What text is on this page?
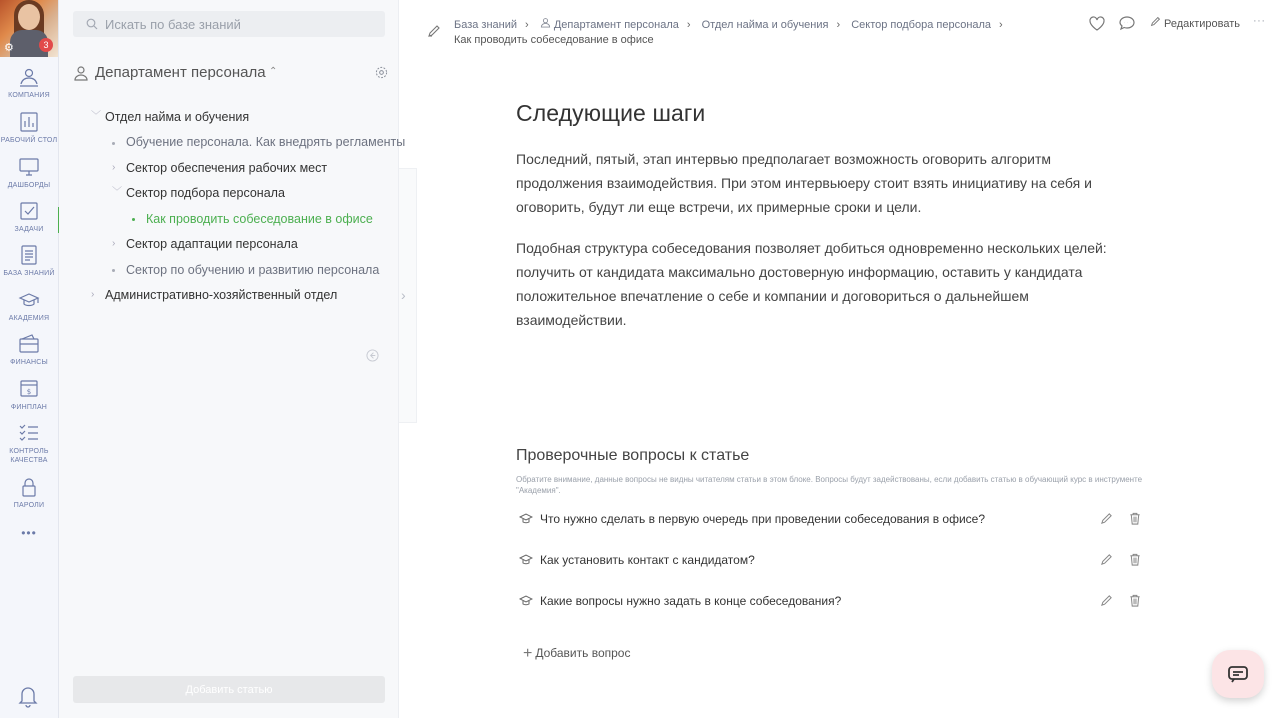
⚙	3
КОМПАНИЯ
РАБОЧИЙ СТОЛ
ДАШБОРДЫ
ЗАДАЧИ
БАЗА ЗНАНИЙ
АКАДЕМИЯ
ФИНАНСЫ
$
ФИНПЛАН
КОНТРОЛЬ
КАЧЕСТВА
ПАРОЛИ
•••
Искать по базе знаний
Департамент персонала ⌃

﹀ Отдел найма и обучения
Обучение персонала. Как внедрять регламенты
› Сектор обеспечения рабочих мест
﹀ Сектор подбора персонала
Как проводить собеседование в офисе
› Сектор адаптации персонала
Сектор по обучению и развитию персонала
› Административно-хозяйственный отдел
Добавить статью
›
База знаний › Департамент персонала › Отдел найма и обучения › Сектор подбора персонала ›
Как проводить собеседование в офисе
Редактировать ···
Следующие шаги

Последний, пятый, этап интервью предполагает возможность оговорить алгоритм продолжения взаимодействия. При этом интервьюеру стоит взять инициативу на себя и оговорить, будут ли еще встречи, их примерные сроки и цели.

Подобная структура собеседования позволяет добиться одновременно нескольких целей: получить от кандидата максимально достоверную информацию, оставить у кандидата положительное впечатление о себе и компании и договориться о дальнейшем взаимодействии.

Проверочные вопросы к статье
Обратите внимание, данные вопросы не видны читателям статьи в этом блоке. Вопросы будут задействованы, если добавить статью в обучающий курс в инструменте "Академия".
Что нужно сделать в первую очередь при проведении собеседования в офисе?
Как установить контакт с кандидатом?
Какие вопросы нужно задать в конце собеседования?
+ Добавить вопрос
